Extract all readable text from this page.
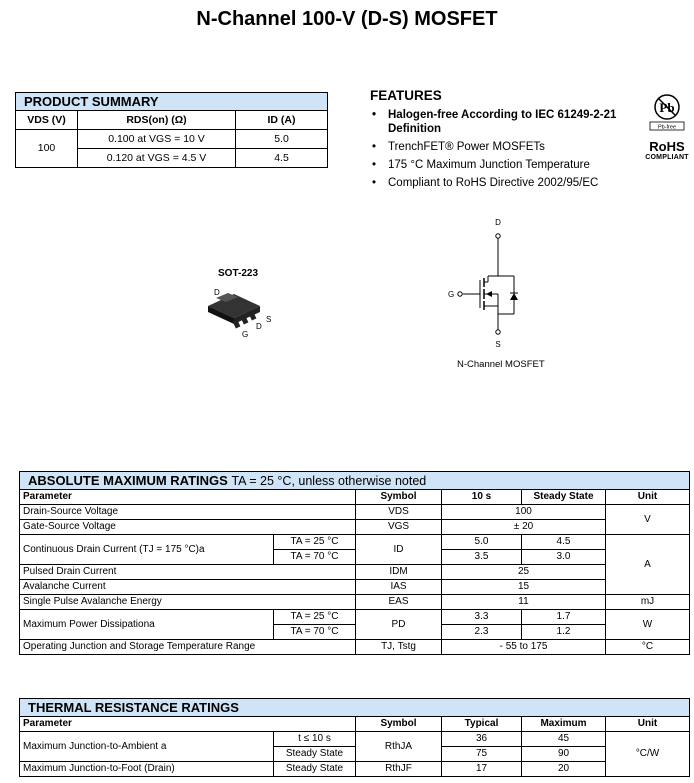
N-Channel 100-V (D-S) MOSFET
PRODUCT SUMMARY		
VDS (V)	RDS(on) (Ω)	ID (A)
100	0.100 at VGS = 10 V	5.0
	0.120 at VGS = 4.5 V	4.5
FEATURES
• Halogen-free According to IEC 61249-2-21 Definition
• TrenchFET® Power MOSFETs
• 175 °C Maximum Junction Temperature
• Compliant to RoHS Directive 2002/95/EC
Pb
Pb-free
RoHS
COMPLIANT
SOT-223
D
G
D
S
D
G
S
N-Channel MOSFET
ABSOLUTE MAXIMUM RATINGS TA = 25 °C, unless otherwise noted					
Parameter		Symbol	10 s	Steady State	Unit
Drain-Source Voltage		VDS	100		V
Gate-Source Voltage		VGS	± 20		
Continuous Drain Current (TJ = 175 °C)a	TA = 25 °C	ID	5.0	4.5	A
	TA = 70 °C		3.5	3.0	
Pulsed Drain Current		IDM	25		
Avalanche Current		IAS	15		
Single Pulse Avalanche Energy		EAS	11		mJ
Maximum Power Dissipationa	TA = 25 °C	PD	3.3	1.7	W
	TA = 70 °C		2.3	1.2	
Operating Junction and Storage Temperature Range		TJ, Tstg	- 55 to 175		°C
THERMAL RESISTANCE RATINGS					
Parameter		Symbol	Typical	Maximum	Unit
Maximum Junction-to-Ambient a	t ≤ 10 s	RthJA	36	45	°C/W
	Steady State		75	90	
Maximum Junction-to-Foot (Drain)	Steady State	RthJF	17	20	
